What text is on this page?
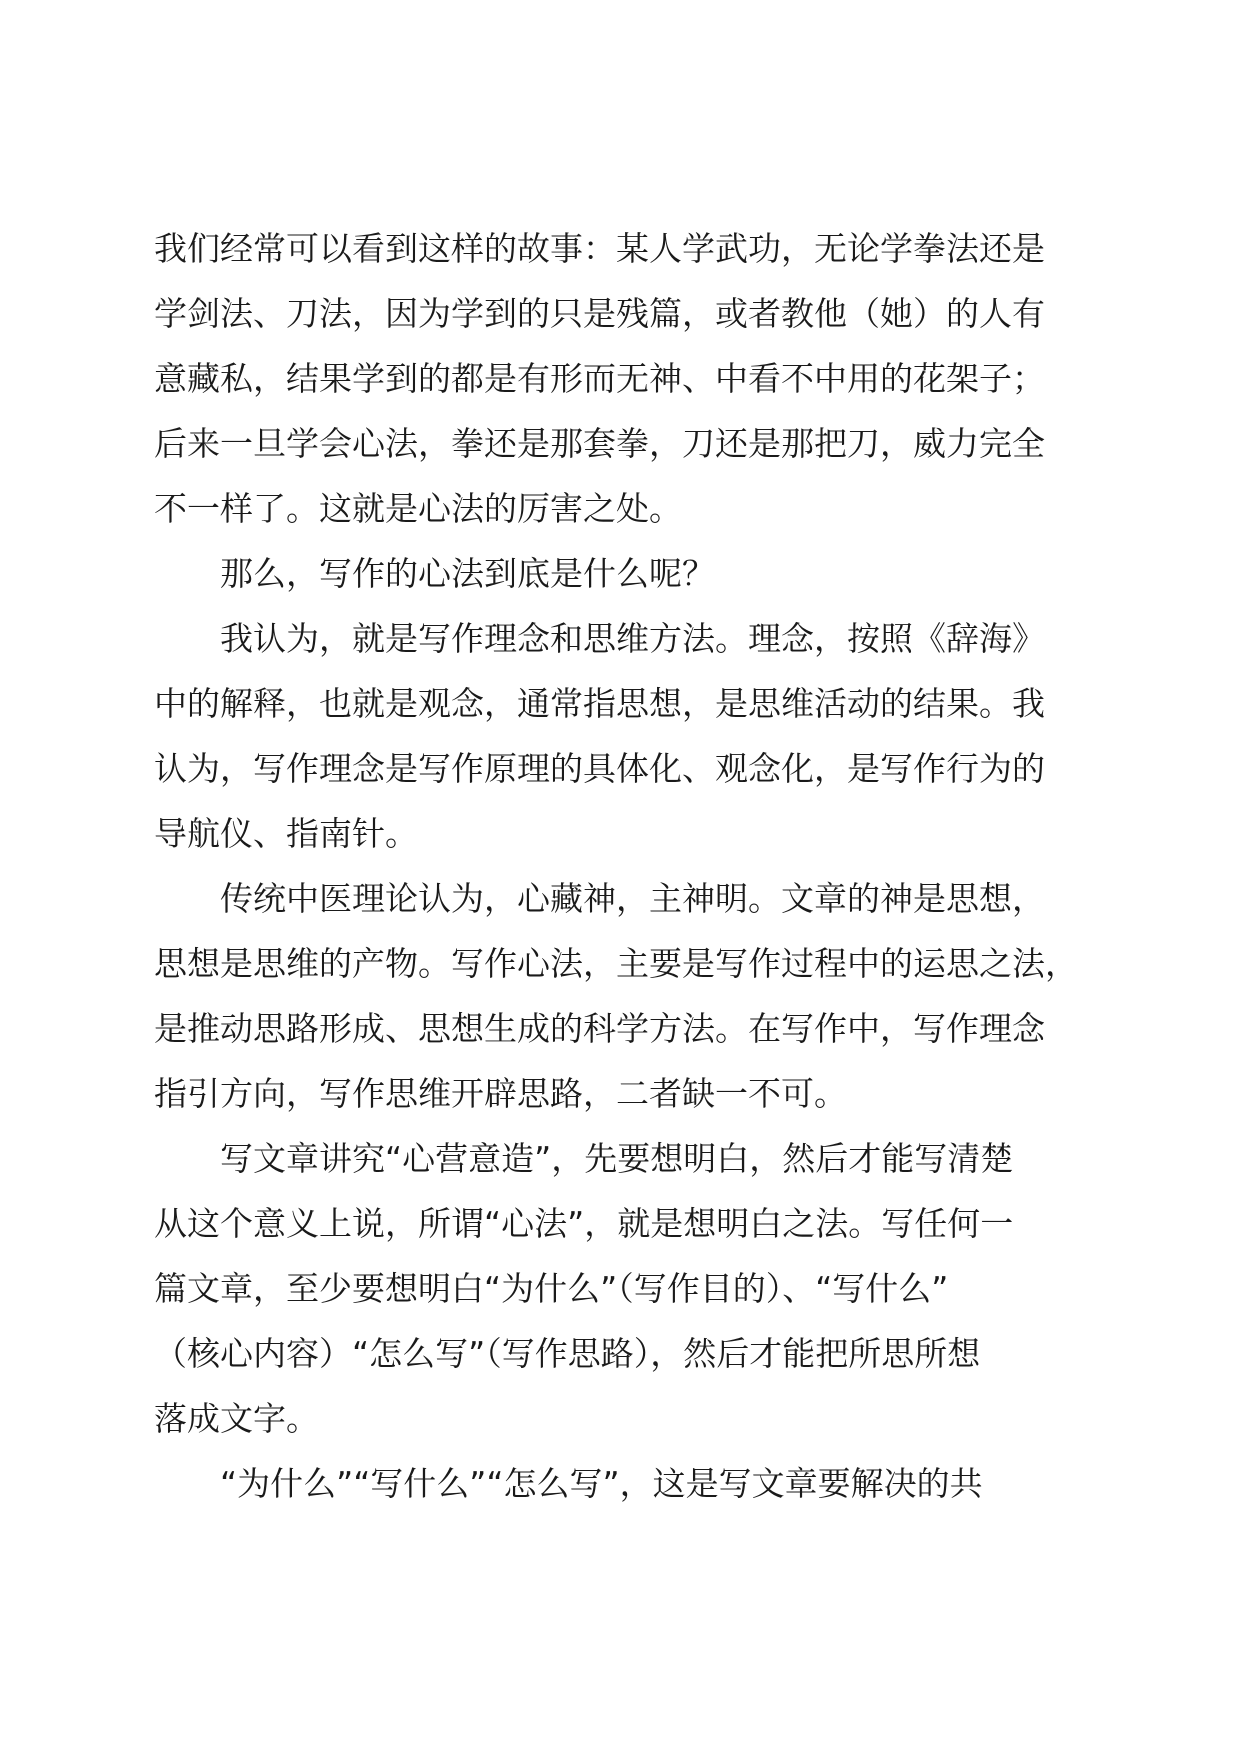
我们经常可以看到这样的故事：某人学武功，无论学拳法还是
学剑法、刀法，因为学到的只是残篇，或者教他（她）的人有
意藏私，结果学到的都是有形而无神、中看不中用的花架子；
后来一旦学会心法，拳还是那套拳，刀还是那把刀，威力完全
不一样了。这就是心法的厉害之处。
那么，写作的心法到底是什么呢？
我认为，就是写作理念和思维方法。理念，按照《辞海》
中的解释，也就是观念，通常指思想，是思维活动的结果。我
认为，写作理念是写作原理的具体化、观念化，是写作行为的
导航仪、指南针。
传统中医理论认为，心藏神，主神明。文章的神是思想，
思想是思维的产物。写作心法，主要是写作过程中的运思之法，
是推动思路形成、思想生成的科学方法。在写作中，写作理念
指引方向，写作思维开辟思路，二者缺一不可。
写文章讲究“心营意造”，先要想明白，然后才能写清楚
从这个意义上说，所谓“心法”，就是想明白之法。写任何一
篇文章，至少要想明白“为什么”（写作目的）、“写什么”
（核心内容）“怎么写”（写作思路），然后才能把所思所想
落成文字。
“为什么”“写什么”“怎么写”，这是写文章要解决的共
